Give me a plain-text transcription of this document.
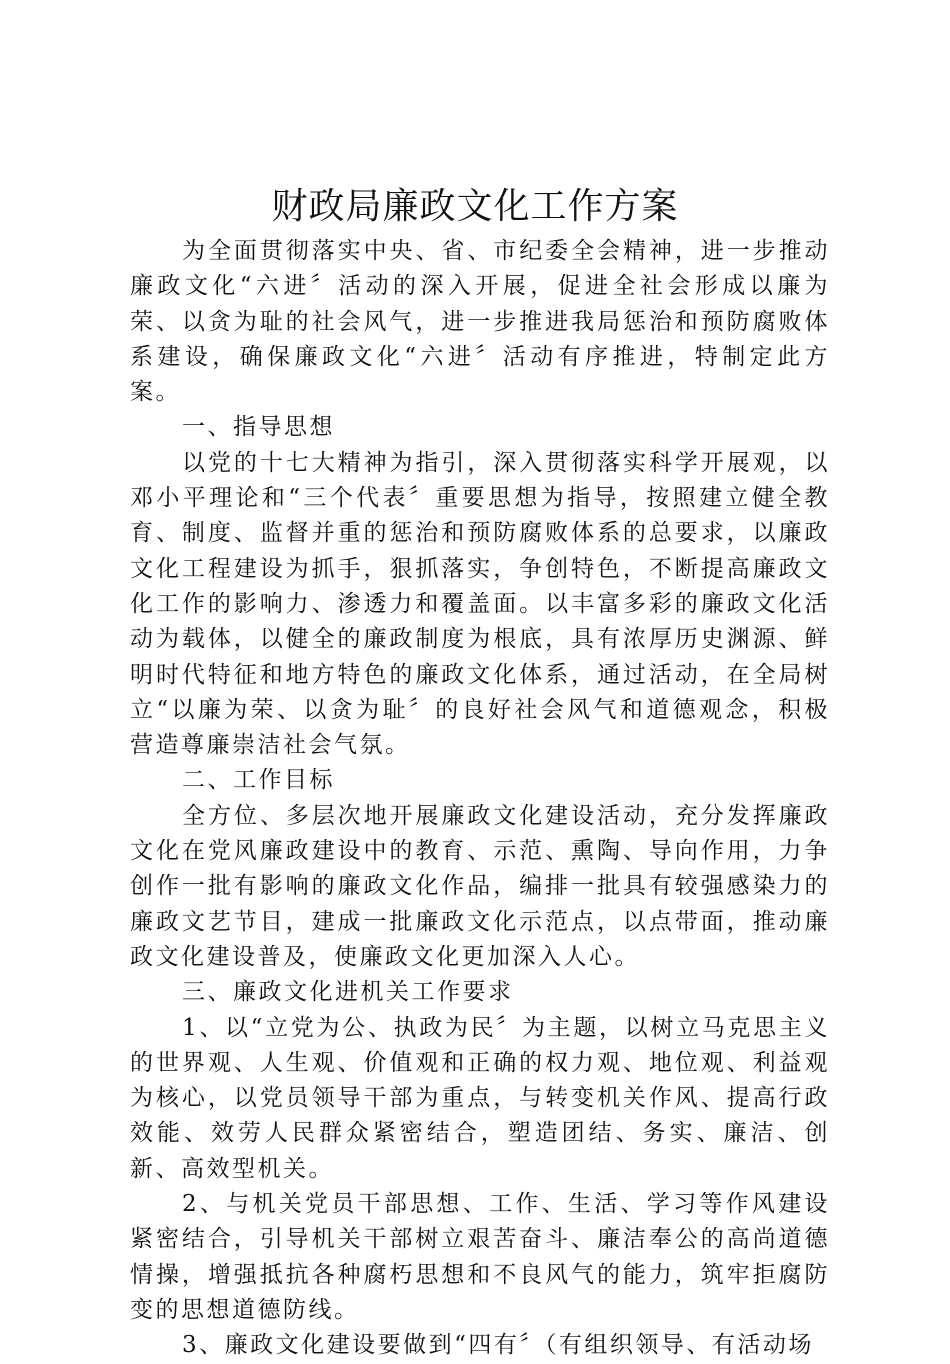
财政局廉政文化工作方案

为全面贯彻落实中央、省、市纪委全会精神，进一步推动廉政文化“六进〞活动的深入开展，促进全社会形成以廉为荣、以贪为耻的社会风气，进一步推进我局惩治和预防腐败体系建设，确保廉政文化“六进〞活动有序推进，特制定此方案。

一、指导思想

以党的十七大精神为指引，深入贯彻落实科学开展观，以邓小平理论和“三个代表〞重要思想为指导，按照建立健全教育、制度、监督并重的惩治和预防腐败体系的总要求，以廉政文化工程建设为抓手，狠抓落实，争创特色，不断提高廉政文化工作的影响力、渗透力和覆盖面。以丰富多彩的廉政文化活动为载体，以健全的廉政制度为根底，具有浓厚历史渊源、鲜明时代特征和地方特色的廉政文化体系，通过活动，在全局树立“以廉为荣、以贪为耻〞的良好社会风气和道德观念，积极营造尊廉崇洁社会气氛。

二、工作目标

全方位、多层次地开展廉政文化建设活动，充分发挥廉政文化在党风廉政建设中的教育、示范、熏陶、导向作用，力争创作一批有影响的廉政文化作品，编排一批具有较强感染力的廉政文艺节目，建成一批廉政文化示范点，以点带面，推动廉政文化建设普及，使廉政文化更加深入人心。

三、廉政文化进机关工作要求

1、以“立党为公、执政为民〞为主题，以树立马克思主义的世界观、人生观、价值观和正确的权力观、地位观、利益观为核心，以党员领导干部为重点，与转变机关作风、提高行政效能、效劳人民群众紧密结合，塑造团结、务实、廉洁、创新、高效型机关。

2、与机关党员干部思想、工作、生活、学习等作风建设紧密结合，引导机关干部树立艰苦奋斗、廉洁奉公的高尚道德情操，增强抵抗各种腐朽思想和不良风气的能力，筑牢拒腐防变的思想道德防线。

3、廉政文化建设要做到“四有〞（有组织领导、有活动场
